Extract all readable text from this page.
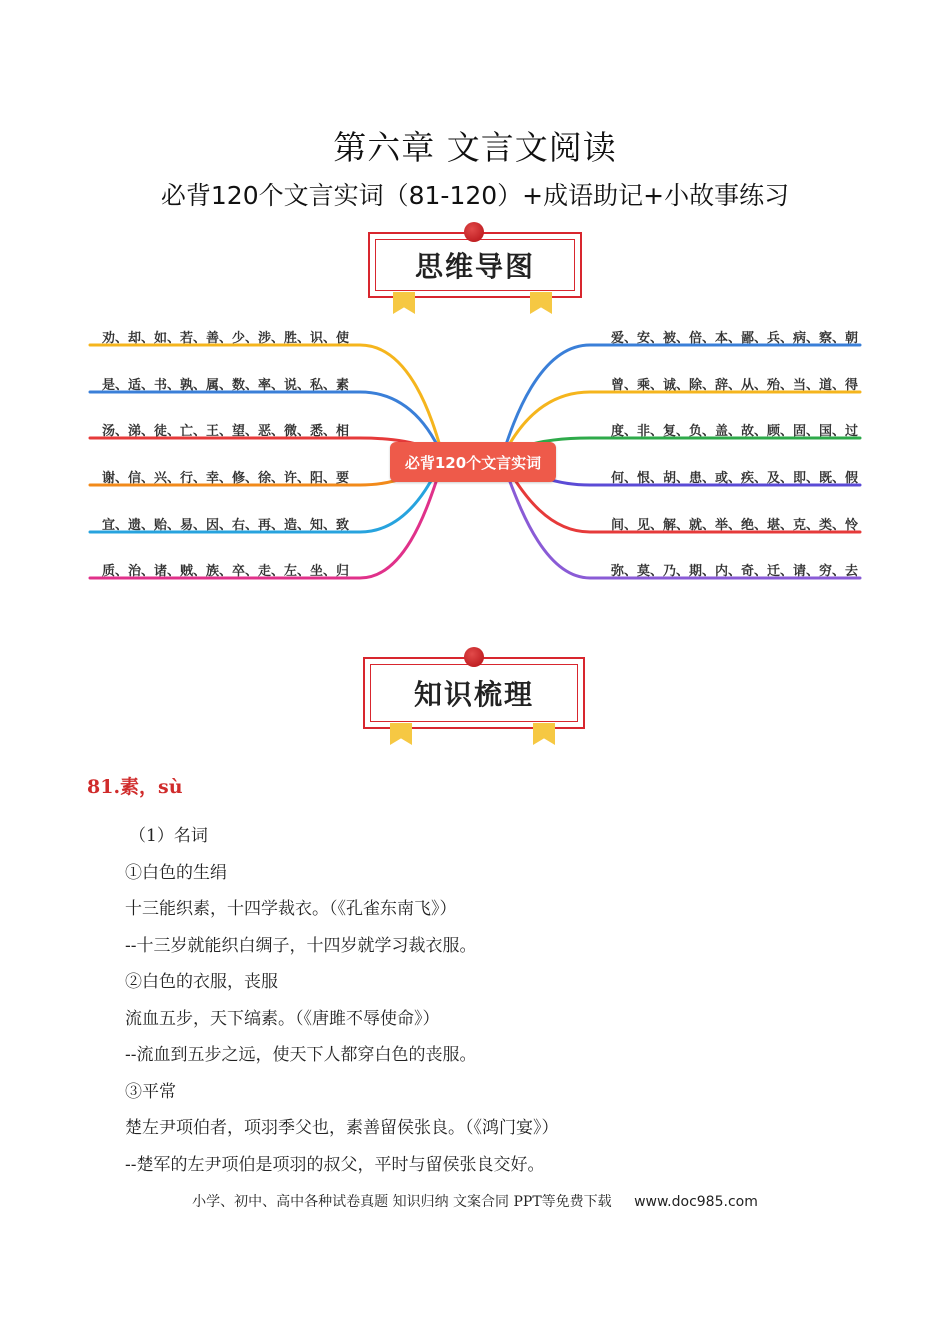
第六章 文言文阅读
必背120个文言实词（81-120）+成语助记+小故事练习
思维导图
必背120个文言实词
劝、却、如、若、善、少、涉、胜、识、使
是、适、书、孰、属、数、率、说、私、素
汤、涕、徒、亡、王、望、恶、微、悉、相
谢、信、兴、行、幸、修、徐、许、阳、要
宜、遗、贻、易、因、右、再、造、知、致
质、治、诸、贼、族、卒、走、左、坐、归
爱、安、被、倍、本、鄙、兵、病、察、朝
曾、乘、诚、除、辞、从、殆、当、道、得
度、非、复、负、盖、故、顾、固、国、过
何、恨、胡、患、或、疾、及、即、既、假
间、见、解、就、举、绝、堪、克、类、怜
弥、莫、乃、期、内、奇、迁、请、穷、去
知识梳理
81.素，sù
（1）名词
①白色的生绢
十三能织素，十四学裁衣。（《孔雀东南飞》）
--十三岁就能织白绸子，十四岁就学习裁衣服。
②白色的衣服，丧服
流血五步，天下缟素。（《唐雎不辱使命》）
--流血到五步之远，使天下人都穿白色的丧服。
③平常
楚左尹项伯者，项羽季父也，素善留侯张良。（《鸿门宴》）
--楚军的左尹项伯是项羽的叔父，平时与留侯张良交好。
小学、初中、高中各种试卷真题 知识归纳 文案合同 PPT等免费下载 www.doc985.com
